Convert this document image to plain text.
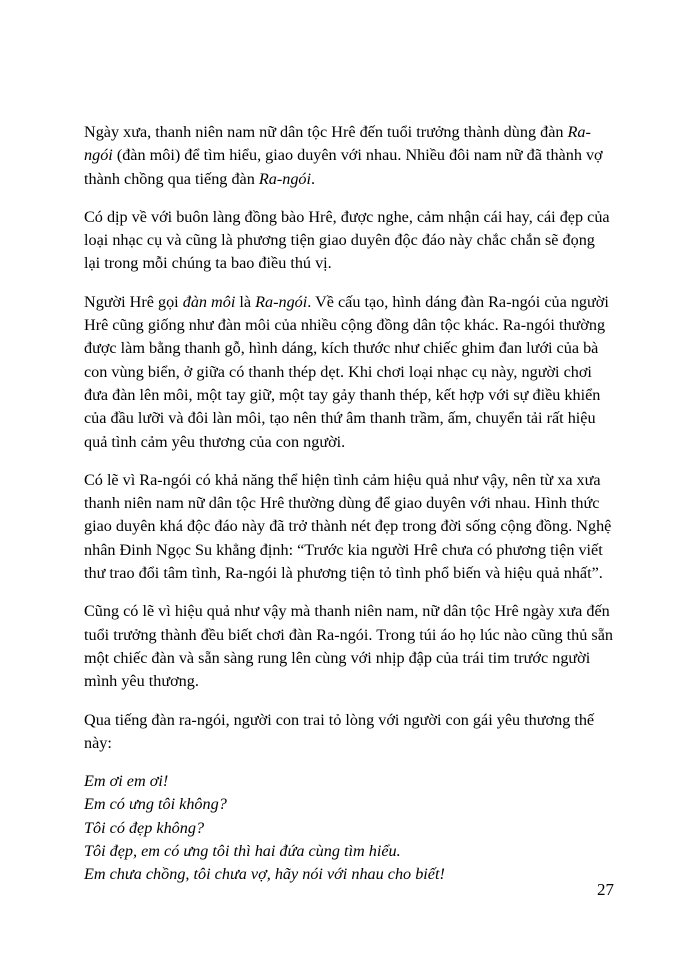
Ngày xưa, thanh niên nam nữ dân tộc Hrê đến tuổi trưởng thành dùng đàn Ra-ngói (đàn môi) để tìm hiểu, giao duyên với nhau. Nhiều đôi nam nữ đã thành vợ thành chồng qua tiếng đàn Ra-ngói.

Có dịp về với buôn làng đồng bào Hrê, được nghe, cảm nhận cái hay, cái đẹp của loại nhạc cụ và cũng là phương tiện giao duyên độc đáo này chắc chắn sẽ đọng lại trong mỗi chúng ta bao điều thú vị.

Người Hrê gọi đàn môi là Ra-ngói. Về cấu tạo, hình dáng đàn Ra-ngói của người Hrê cũng giống như đàn môi của nhiều cộng đồng dân tộc khác. Ra-ngói thường được làm bằng thanh gỗ, hình dáng, kích thước như chiếc ghim đan lưới của bà con vùng biển, ở giữa có thanh thép dẹt. Khi chơi loại nhạc cụ này, người chơi đưa đàn lên môi, một tay giữ, một tay gảy thanh thép, kết hợp với sự điều khiển của đầu lưỡi và đôi làn môi, tạo nên thứ âm thanh trầm, ấm, chuyển tải rất hiệu quả tình cảm yêu thương của con người.

Có lẽ vì Ra-ngói có khả năng thể hiện tình cảm hiệu quả như vậy, nên từ xa xưa thanh niên nam nữ dân tộc Hrê thường dùng để giao duyên với nhau. Hình thức giao duyên khá độc đáo này đã trở thành nét đẹp trong đời sống cộng đồng. Nghệ nhân Đinh Ngọc Su khẳng định: “Trước kia người Hrê chưa có phương tiện viết thư trao đổi tâm tình, Ra-ngói là phương tiện tỏ tình phổ biến và hiệu quả nhất”.

Cũng có lẽ vì hiệu quả như vậy mà thanh niên nam, nữ dân tộc Hrê ngày xưa đến tuổi trưởng thành đều biết chơi đàn Ra-ngói. Trong túi áo họ lúc nào cũng thủ sẵn một chiếc đàn và sẵn sàng rung lên cùng với nhịp đập của trái tim trước người mình yêu thương.

Qua tiếng đàn ra-ngói, người con trai tỏ lòng với người con gái yêu thương thế này:

Em ơi em ơi!
Em có ưng tôi không?
Tôi có đẹp không?
Tôi đẹp, em có ưng tôi thì hai đứa cùng tìm hiểu.
Em chưa chồng, tôi chưa vợ, hãy nói với nhau cho biết!

27
